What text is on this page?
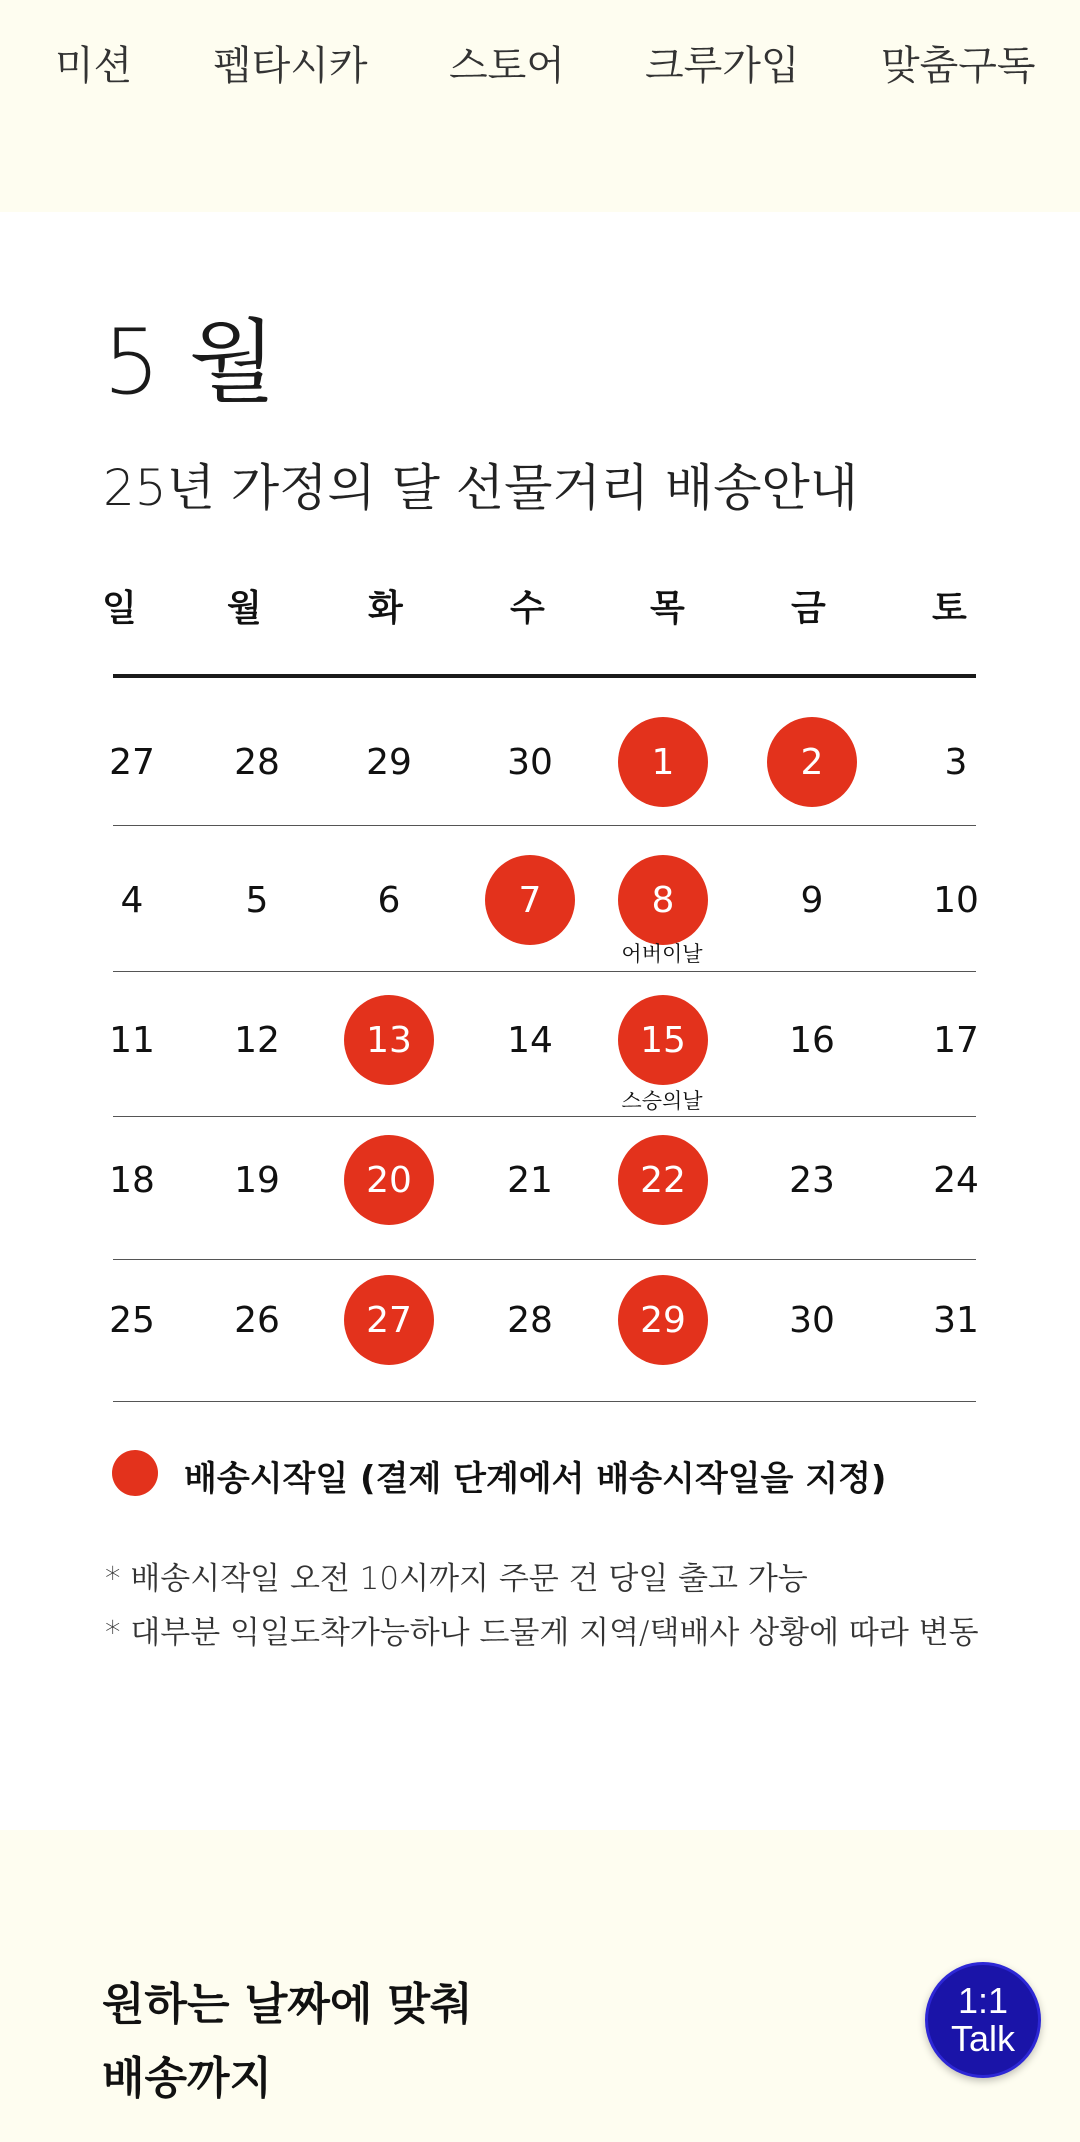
미션 펩타시카 스토어 크루가입 맞춤구독
5 월
25년 가정의 달 선물거리 배송안내
일	월	화	수	목	금	토
27	28	29	30	1	2	3
4	5	6	7	8	9	10
11	12	13	14	15	16	17
18	19	20	21	22	23	24
25	26	27	28	29	30	31
어버이날
스승의날
배송시작일 (결제 단계에서 배송시작일을 지정)
* 배송시작일 오전 10시까지 주문 건 당일 출고 가능
* 대부분 익일도착가능하나 드물게 지역/택배사 상황에 따라 변동
원하는 날짜에 맞춰
배송까지
1:1
Talk
